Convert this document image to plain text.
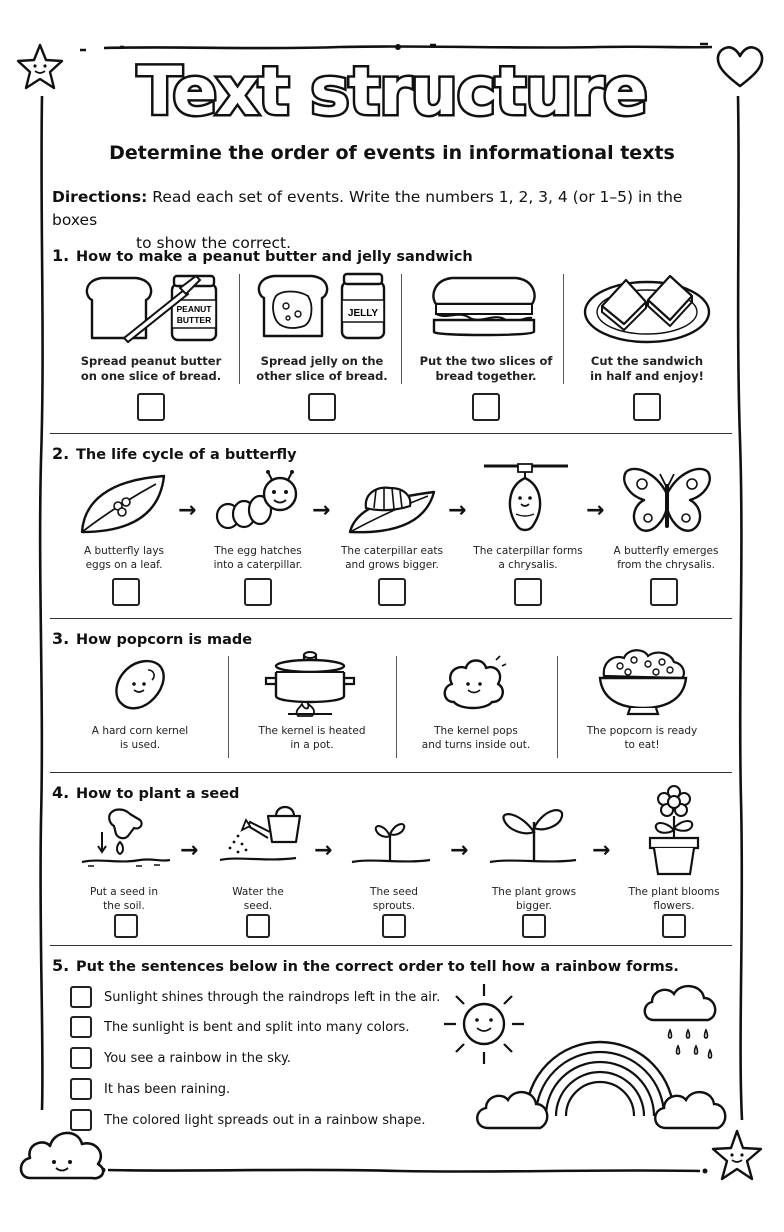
Text structure
Determine the order of events in informational texts
Directions: Read each set of events. Write the numbers 1, 2, 3, 4 (or 1–5) in the boxes
to show the correct.
1. How to make a peanut butter and jelly sandwich
PEANUT
BUTTER
JELLY
Spread peanut butter
on one slice of bread.
Spread jelly on the
other slice of bread.
Put the two slices of
bread together.
Cut the sandwich
in half and enjoy!
2. The life cycle of a butterfly
→	→	→	→
A butterfly lays
eggs on a leaf.
The egg hatches
into a caterpillar.
The caterpillar eats
and grows bigger.
The caterpillar forms
a chrysalis.
A butterfly emerges
from the chrysalis.
3. How popcorn is made
A hard corn kernel
is used.
The kernel is heated
in a pot.
The kernel pops
and turns inside out.
The popcorn is ready
to eat!
4. How to plant a seed
→	→	→	→
Put a seed in
the soil.
Water the
seed.
The seed
sprouts.
The plant grows
bigger.
The plant blooms
flowers.
5. Put the sentences below in the correct order to tell how a rainbow forms.
Sunlight shines through the raindrops left in the air.
The sunlight is bent and split into many colors.
You see a rainbow in the sky.
It has been raining.
The colored light spreads out in a rainbow shape.
